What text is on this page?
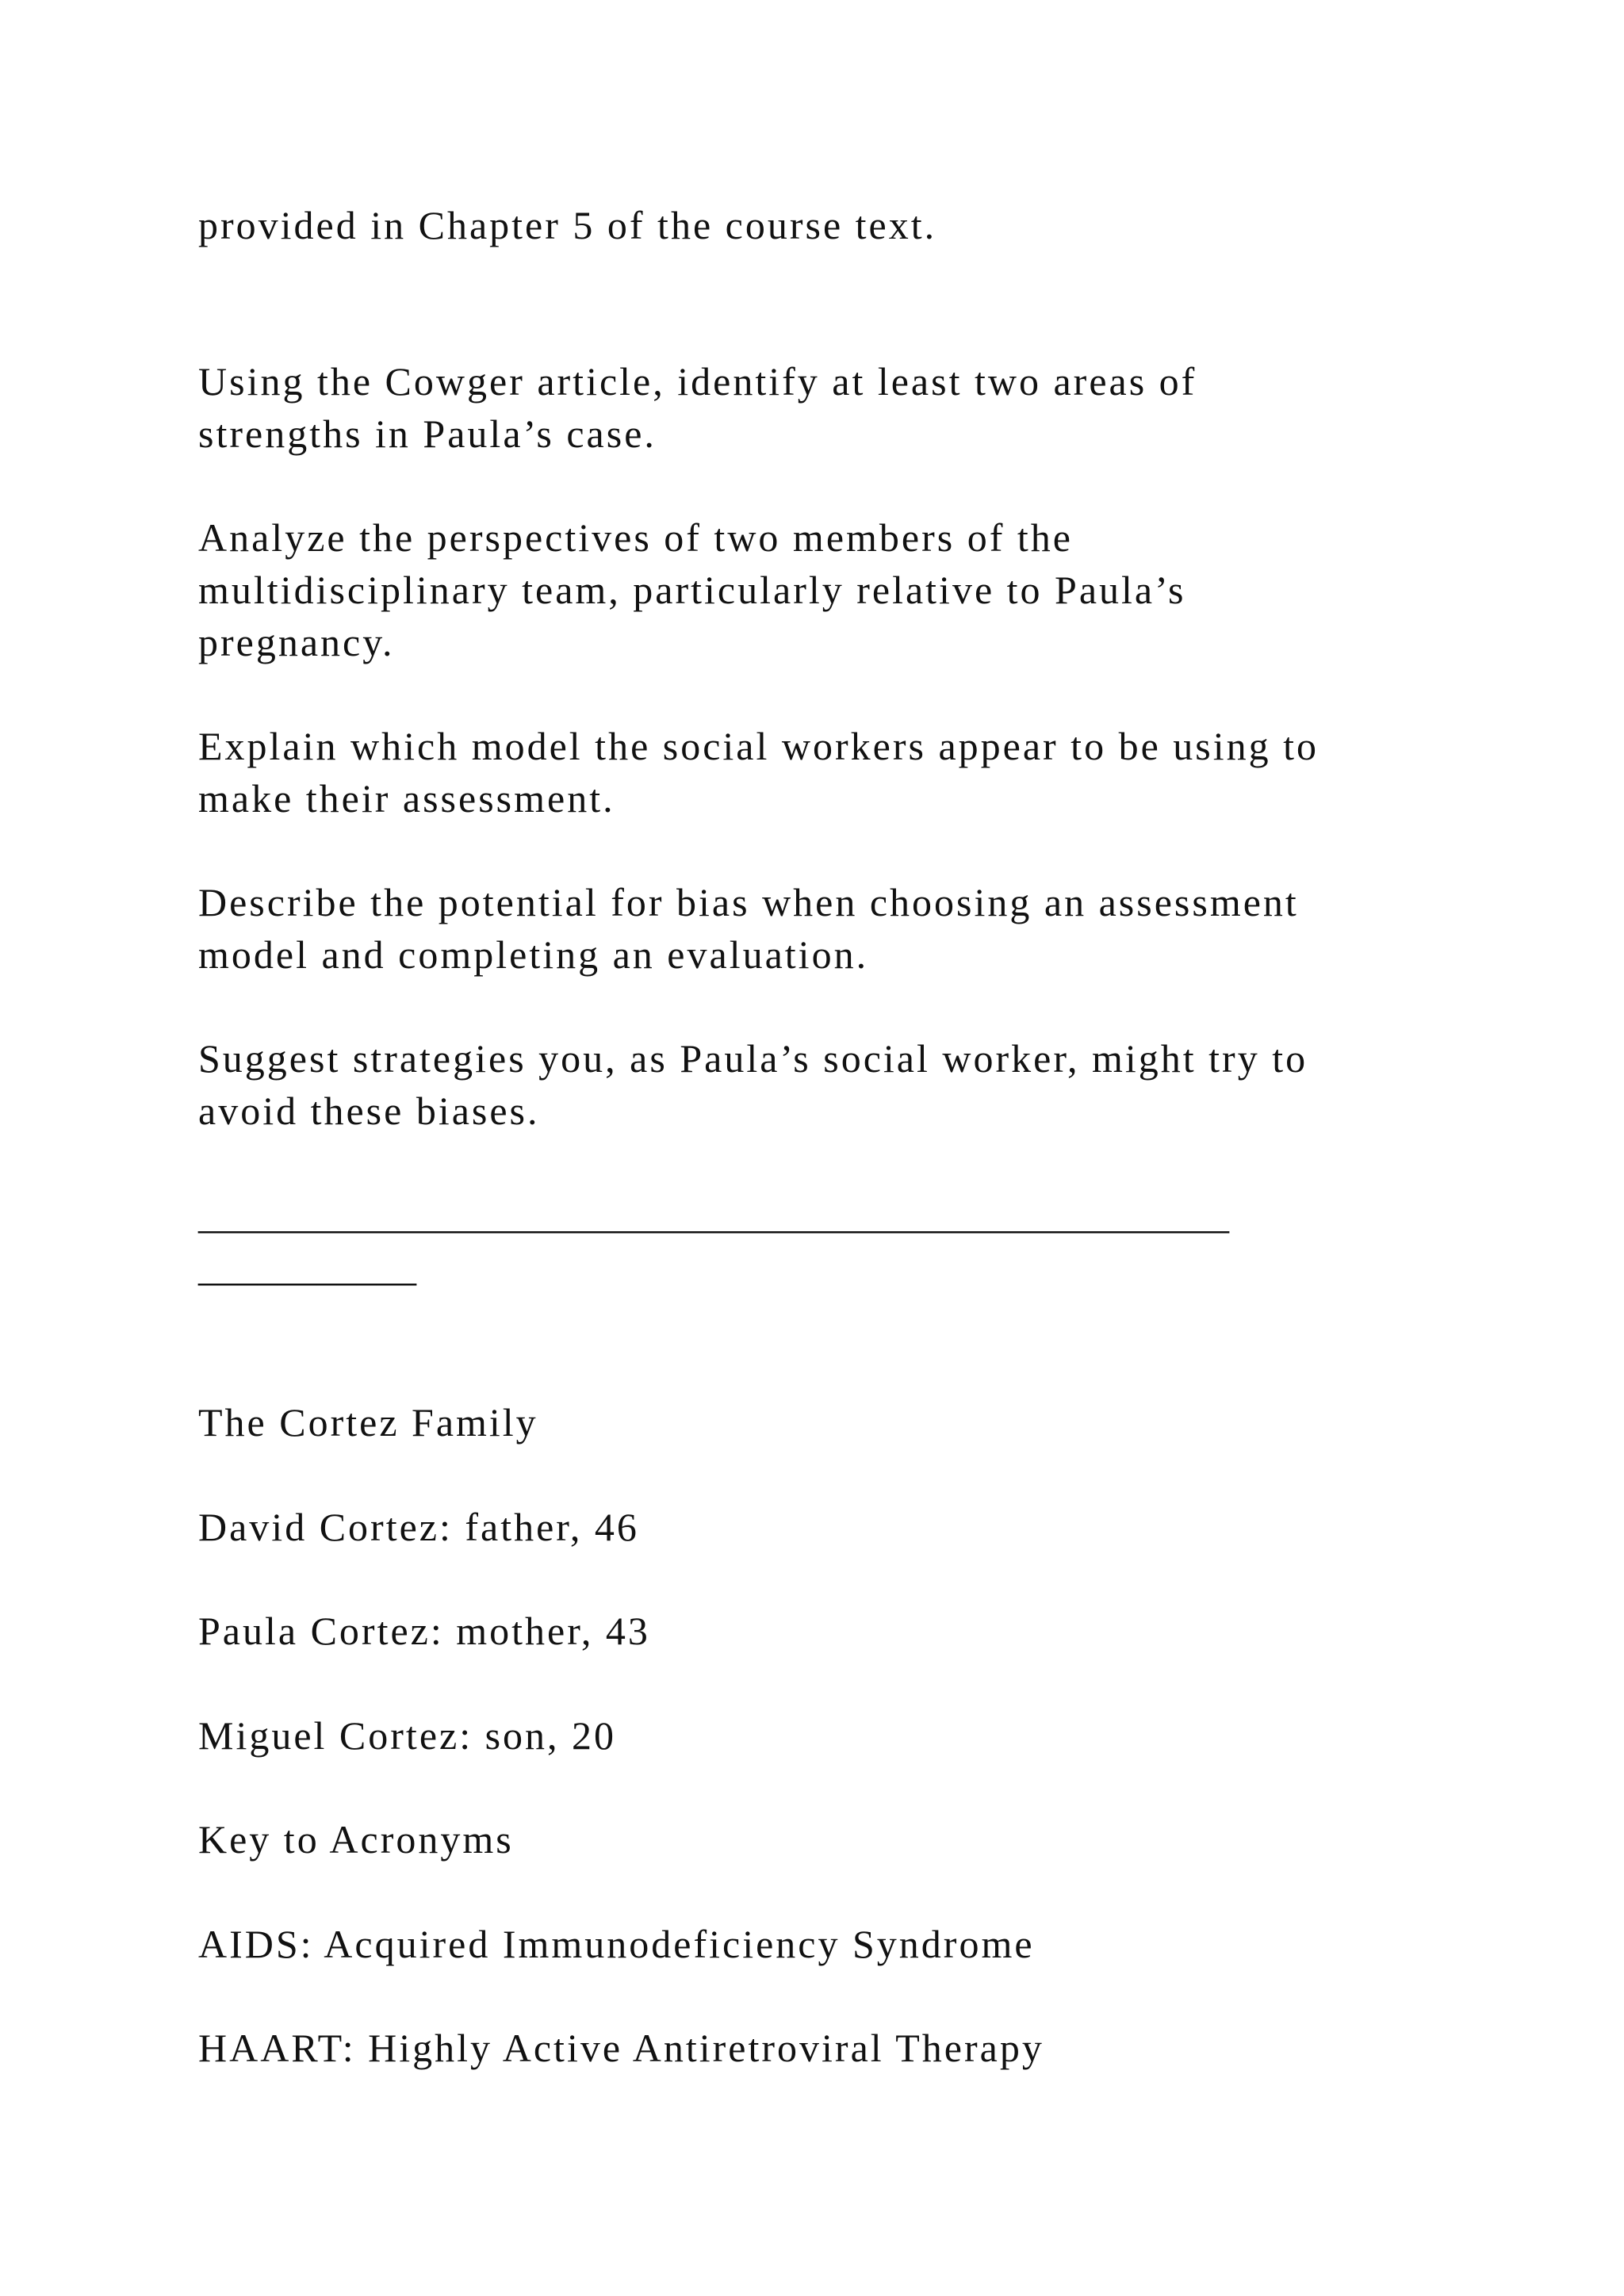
provided in Chapter 5 of the course text.

Using the Cowger article, identify at least two areas of

strengths in Paula’s case.

Analyze the perspectives of two members of the

multidisciplinary team, particularly relative to Paula’s

pregnancy.

Explain which model the social workers appear to be using to

make their assessment.

Describe the potential for bias when choosing an assessment

model and completing an evaluation.

Suggest strategies you, as Paula’s social worker, might try to

avoid these biases.

____________________________________________________

___________

The Cortez Family

David Cortez: father, 46

Paula Cortez: mother, 43

Miguel Cortez: son, 20

Key to Acronyms

AIDS: Acquired Immunodeficiency Syndrome

HAART: Highly Active Antiretroviral Therapy
